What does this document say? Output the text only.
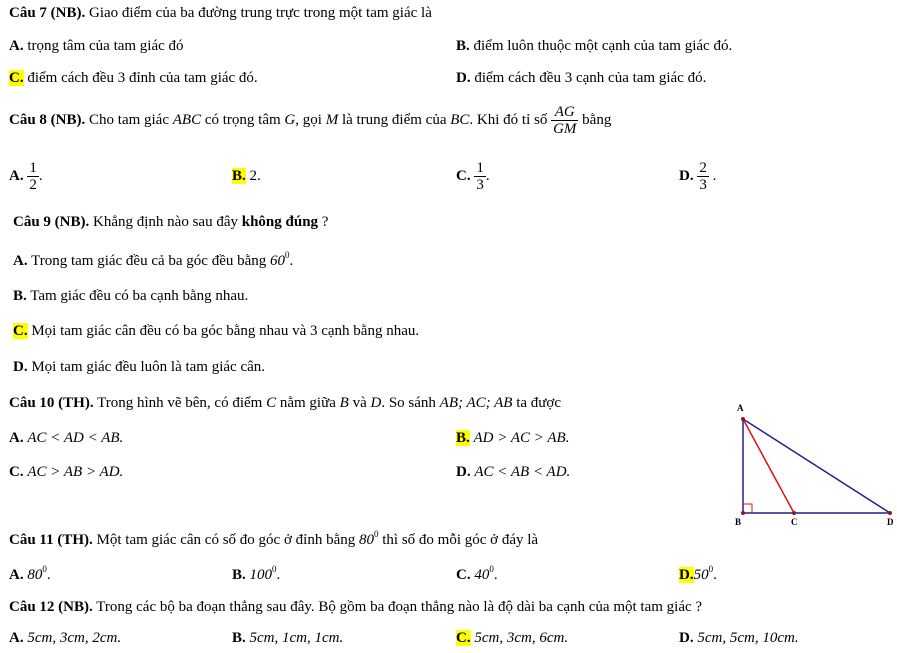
Câu 7 (NB). Giao điểm của ba đường trung trực trong một tam giác là
A. trọng tâm của tam giác đó	B. điểm luôn thuộc một cạnh của tam giác đó.
C. điểm cách đều 3 đỉnh của tam giác đó.	D. điểm cách đều 3 cạnh của tam giác đó.
Câu 8 (NB). Cho tam giác ABC có trọng tâm G, gọi M là trung điểm của BC. Khi đó tỉ số $\frac{AG}{GM}$ bằng
A. $\frac{1}{2}$ .	B. 2.	C. $\frac{1}{3}$ .	D. $\frac{2}{3}$ .
Câu 9 (NB). Khẳng định nào sau đây không đúng ?
A. Trong tam giác đều cả ba góc đều bằng $60^0$.
B. Tam giác đều có ba cạnh bằng nhau.
C. Mọi tam giác cân đều có ba góc bằng nhau và 3 cạnh bằng nhau.
D. Mọi tam giác đều luôn là tam giác cân.
Câu 10 (TH). Trong hình vẽ bên, có điểm C nằm giữa B và D. So sánh AB; AC; AB ta được
A. AC < AD < AB.	B. AD > AC > AB.
C. AC > AB > AD.	D. AC < AB < AD.
A
B	C	D
Câu 11 (TH). Một tam giác cân có số đo góc ở đỉnh bằng $80^0$ thì số đo mỗi góc ở đáy là
A. $80^0$.	B. $100^0$.	C. $40^0$.	$D.50^0$.
Câu 12 (NB). Trong các bộ ba đoạn thẳng sau đây. Bộ gồm ba đoạn thẳng nào là độ dài ba cạnh của một tam giác ?
A. 5cm, 3cm, 2cm.	B. 5cm, 1cm, 1cm.	C. 5cm, 3cm, 6cm.	D. 5cm, 5cm, 10cm.
